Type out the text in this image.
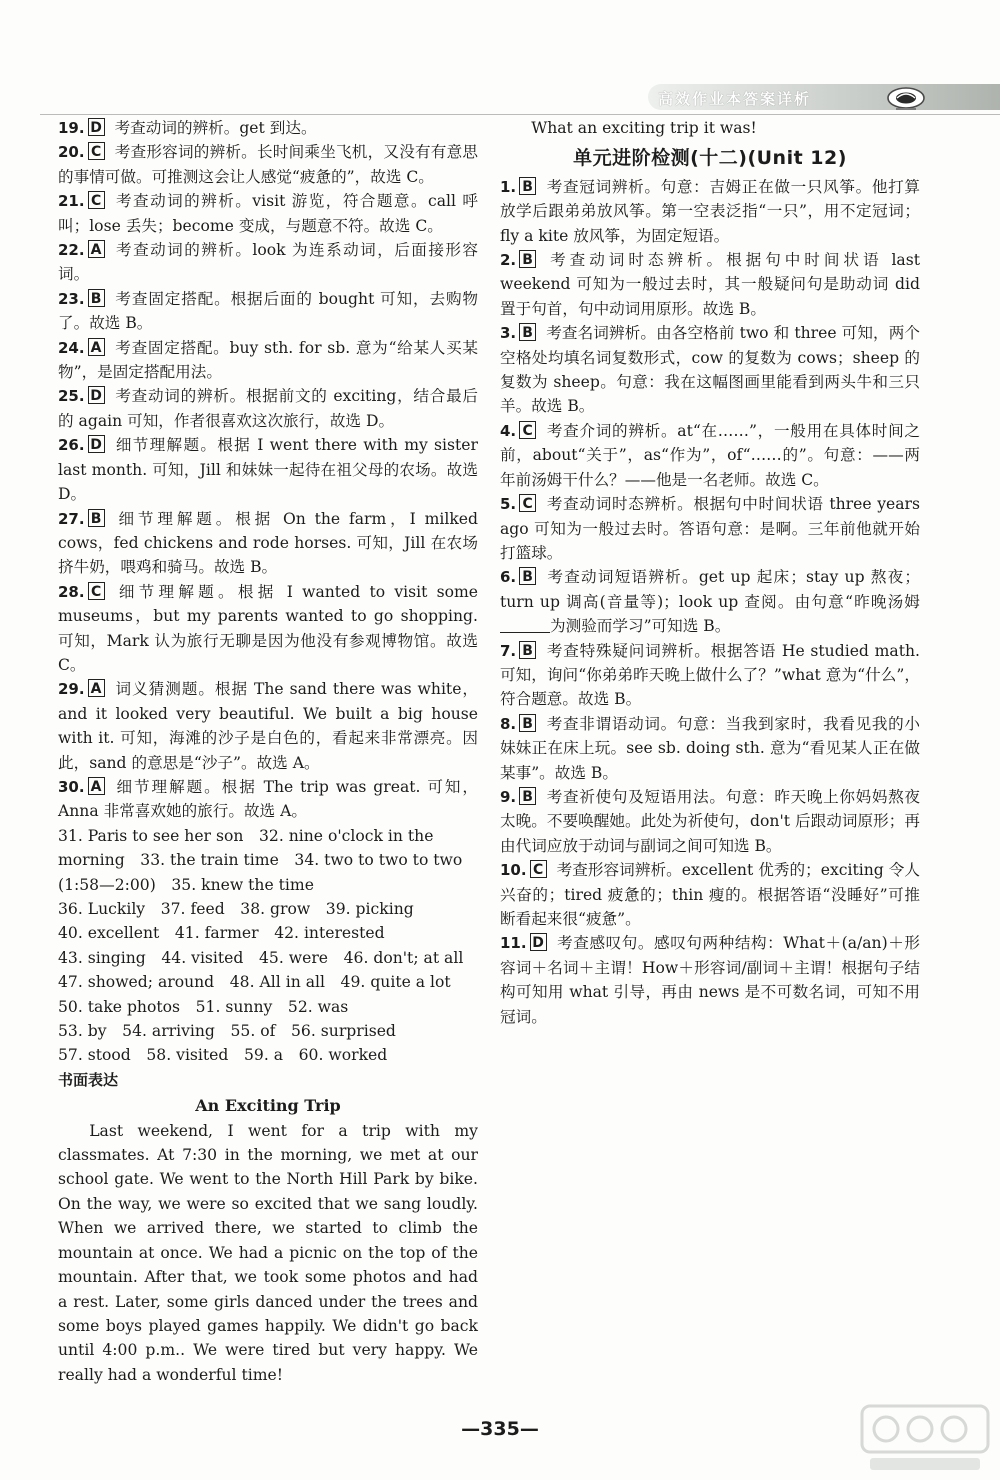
高效作业本答案详析

19. D 考查动词的辨析。get 到达。

20. C 考查形容词的辨析。长时间乘坐飞机，又没有有意思的事情可做。可推测这会让人感觉“疲惫的”，故选 C。

21. C 考查动词的辨析。visit 游览，符合题意。call 呼叫；lose 丢失；become 变成，与题意不符。故选 C。

22. A 考查动词的辨析。look 为连系动词，后面接形容词。

23. B 考查固定搭配。根据后面的 bought 可知，去购物了。故选 B。

24. A 考查固定搭配。buy sth. for sb. 意为“给某人买某物”，是固定搭配用法。

25. D 考查动词的辨析。根据前文的 exciting，结合最后的 again 可知，作者很喜欢这次旅行，故选 D。

26. D 细节理解题。根据 I went there with my sister last month. 可知，Jill 和妹妹一起待在祖父母的农场。故选 D。

27. B 细节理解题。根据 On the farm，I milked cows，fed chickens and rode horses. 可知，Jill 在农场挤牛奶，喂鸡和骑马。故选 B。

28. C 细节理解题。根据 I wanted to visit some museums，but my parents wanted to go shopping. 可知，Mark 认为旅行无聊是因为他没有参观博物馆。故选 C。

29. A 词义猜测题。根据 The sand there was white，and it looked very beautiful. We built a big house with it. 可知，海滩的沙子是白色的，看起来非常漂亮。因此，sand 的意思是“沙子”。故选 A。

30. A 细节理解题。根据 The trip was great. 可知，Anna 非常喜欢她的旅行。故选 A。

31. Paris to see her son　32. nine o'clock in the morning　33. the train time　34. two to two to two (1:58—2:00)　35. knew the time

36. Luckily　37. feed　38. grow　39. picking

40. excellent　41. farmer　42. interested

43. singing　44. visited　45. were　46. don't; at all　47. showed; around　48. All in all　49. quite a lot　50. take photos　51. sunny　52. was

53. by　54. arriving　55. of　56. surprised

57. stood　58. visited　59. a　60. worked

书面表达
An Exciting Trip

Last weekend, I went for a trip with my classmates. At 7:30 in the morning, we met at our school gate. We went to the North Hill Park by bike. On the way, we were so excited that we sang loudly. When we arrived there, we started to climb the mountain at once. We had a picnic on the top of the mountain. After that, we took some photos and had a rest. Later, some girls danced under the trees and some boys played games happily. We didn't go back until 4:00 p.m.. We were tired but very happy. We really had a wonderful time!

What an exciting trip it was!

单元进阶检测(十二)(Unit 12)

1. B 考查冠词辨析。句意：吉姆正在做一只风筝。他打算放学后跟弟弟放风筝。第一空表泛指“一只”，用不定冠词；fly a kite 放风筝，为固定短语。

2. B 考查动词时态辨析。根据句中时间状语 last weekend 可知为一般过去时，其一般疑问句是助动词 did 置于句首，句中动词用原形。故选 B。

3. B 考查名词辨析。由各空格前 two 和 three 可知，两个空格处均填名词复数形式，cow 的复数为 cows；sheep 的复数为 sheep。句意：我在这幅图画里能看到两头牛和三只羊。故选 B。

4. C 考查介词的辨析。at“在……”，一般用在具体时间之前，about“关于”，as“作为”，of“……的”。句意：——两年前汤姆干什么？——他是一名老师。故选 C。

5. C 考查动词时态辨析。根据句中时间状语 three years ago 可知为一般过去时。答语句意：是啊。三年前他就开始打篮球。

6. B 考查动词短语辨析。get up 起床；stay up 熬夜；turn up 调高(音量等)；look up 查阅。由句意“昨晚汤姆为测验而学习”可知选 B。

7. B 考查特殊疑问词辨析。根据答语 He studied math. 可知，询问“你弟弟昨天晚上做什么了？”what 意为“什么”，符合题意。故选 B。

8. B 考查非谓语动词。句意：当我到家时，我看见我的小妹妹正在床上玩。see sb. doing sth. 意为“看见某人正在做某事”。故选 B。

9. B 考查祈使句及短语用法。句意：昨天晚上你妈妈熬夜太晚。不要唤醒她。此处为祈使句，don't 后跟动词原形；再由代词应放于动词与副词之间可知选 B。

10. C 考查形容词辨析。excellent 优秀的；exciting 令人兴奋的；tired 疲惫的；thin 瘦的。根据答语“没睡好”可推断看起来很“疲惫”。

11. D 考查感叹句。感叹句两种结构：What＋(a/an)＋形容词＋名词＋主谓！How＋形容词/副词＋主谓！根据句子结构可知用 what 引导，再由 news 是不可数名词，可知不用冠词。

—335—
